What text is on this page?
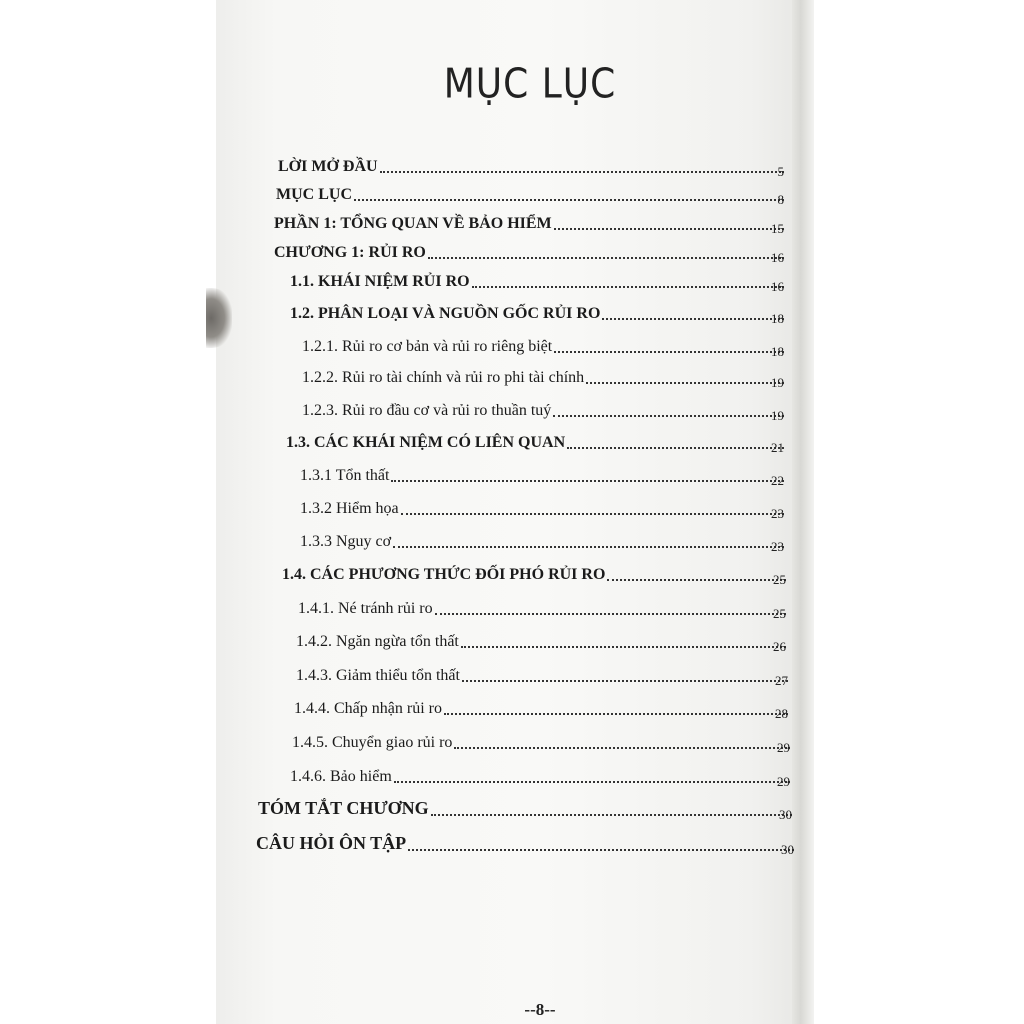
MỤC LỤC
LỜI MỞ ĐẦU	5
MỤC LỤC	8
PHẦN 1: TỔNG QUAN VỀ BẢO HIỂM	15
CHƯƠNG 1: RỦI RO	16
1.1. KHÁI NIỆM RỦI RO	16
1.2. PHÂN LOẠI VÀ NGUỒN GỐC RỦI RO	18
1.2.1. Rủi ro cơ bản và rủi ro riêng biệt	18
1.2.2. Rủi ro tài chính và rủi ro phi tài chính	19
1.2.3. Rủi ro đầu cơ và rủi ro thuần tuý	19
1.3. CÁC KHÁI NIỆM CÓ LIÊN QUAN	21
1.3.1 Tổn thất	22
1.3.2 Hiểm họa	23
1.3.3 Nguy cơ	23
1.4. CÁC PHƯƠNG THỨC ĐỐI PHÓ RỦI RO	25
1.4.1. Né tránh rủi ro	25
1.4.2. Ngăn ngừa tổn thất	26
1.4.3. Giảm thiểu tổn thất	27
1.4.4. Chấp nhận rủi ro	28
1.4.5. Chuyển giao rủi ro	29
1.4.6. Bảo hiểm	29
TÓM TẮT CHƯƠNG	30
CÂU HỎI ÔN TẬP	30
--8--
